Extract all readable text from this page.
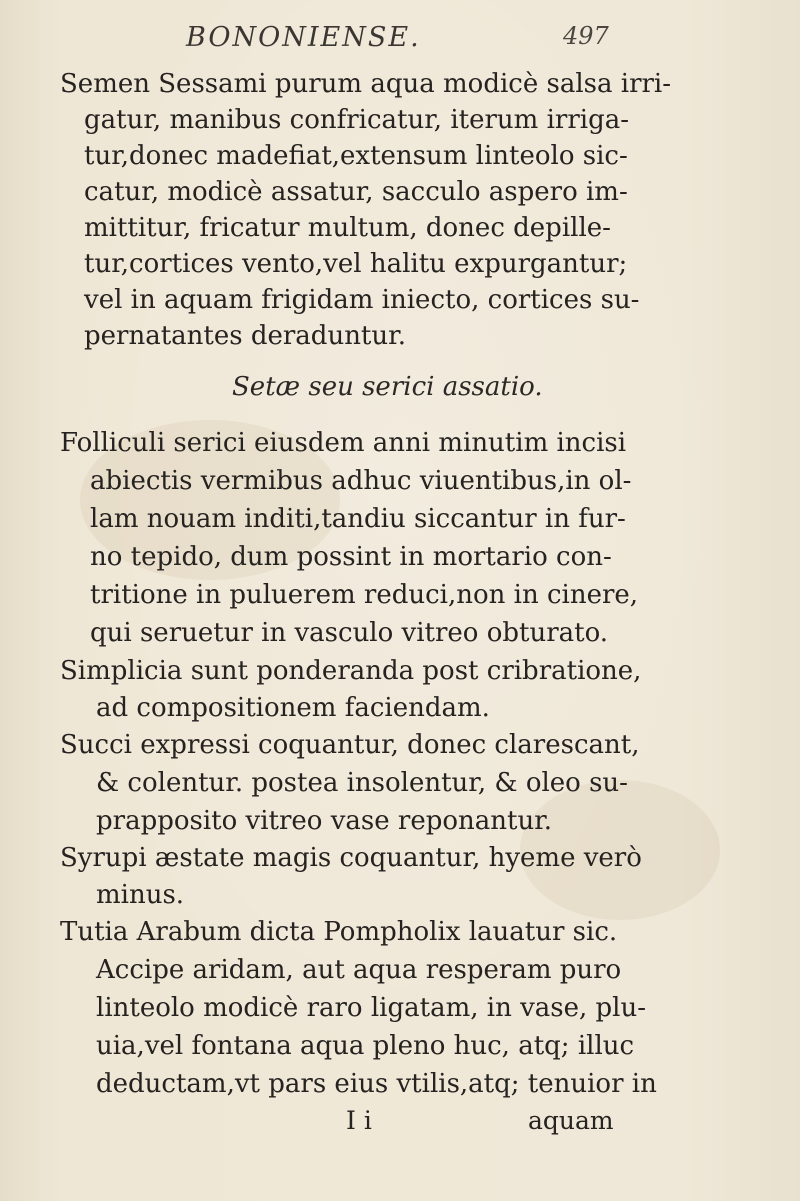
BONONIENSE.	497
Semen Sessami purum aqua modicè salsa irri-
gatur, manibus confricatur, iterum irriga-
tur,donec madefiat,extensum linteolo sic-
catur, modicè assatur, sacculo aspero im-
mittitur, fricatur multum, donec depille-
tur,cortices vento,vel halitu expurgantur;
vel in aquam frigidam iniecto, cortices su-
pernatantes deraduntur.
Setæ seu serici assatio.
Folliculi serici eiusdem anni minutim incisi
abiectis vermibus adhuc viuentibus,in ol-
lam nouam inditi,tandiu siccantur in fur-
no tepido, dum possint in mortario con-
tritione in puluerem reduci,non in cinere,
qui seruetur in vasculo vitreo obturato.
Simplicia sunt ponderanda post cribratione,
ad compositionem faciendam.
Succi expressi coquantur, donec clarescant,
& colentur. postea insolentur, & oleo su-
prapposito vitreo vase reponantur.
Syrupi æstate magis coquantur, hyeme verò
minus.
Tutia Arabum dicta Pompholix lauatur sic.
Accipe aridam, aut aqua resperam puro
linteolo modicè raro ligatam, in vase, plu-
uia,vel fontana aqua pleno huc, atq; illuc
deductam,vt pars eius vtilis,atq; tenuior in
I i	aquam
